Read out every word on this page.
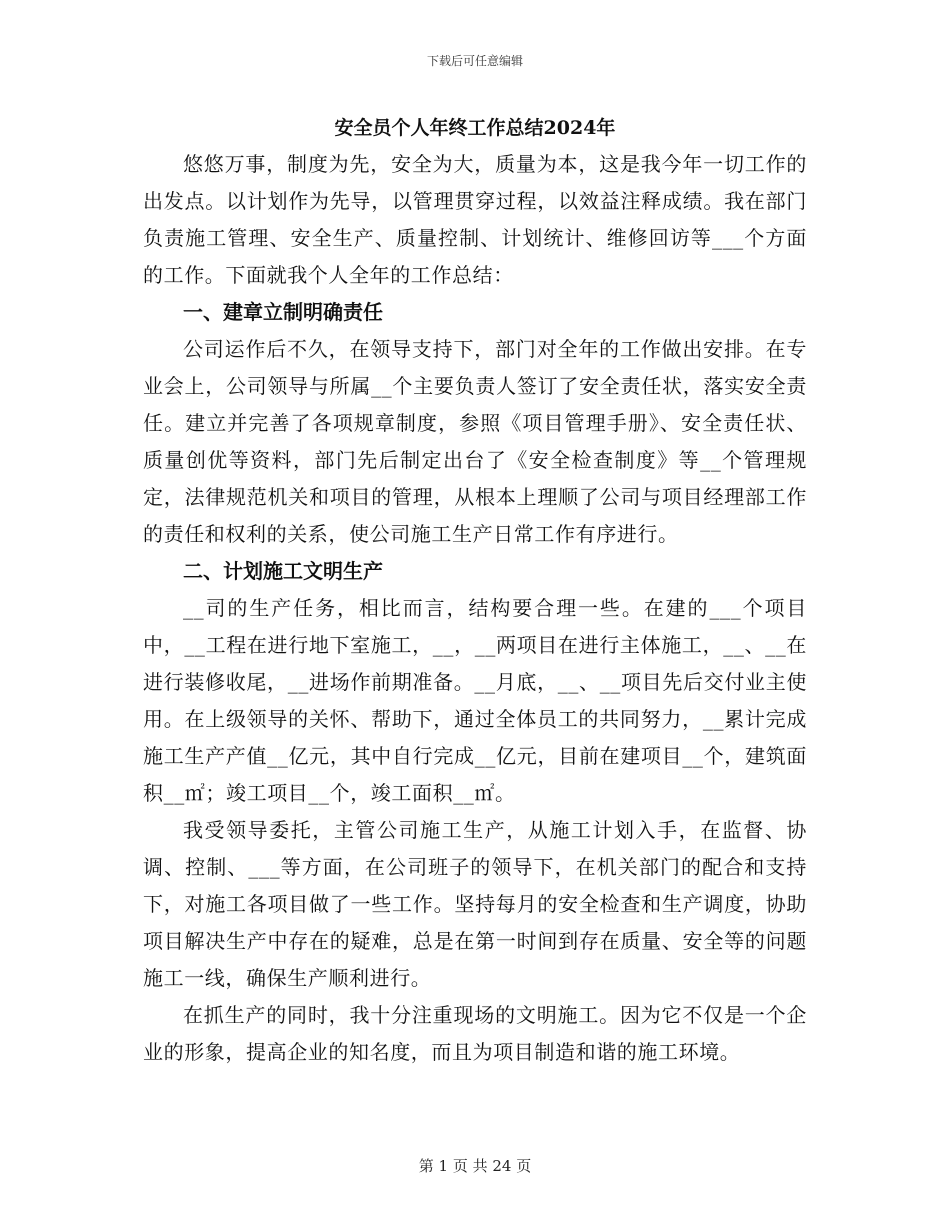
下载后可任意编辑
安全员个人年终工作总结2024年

悠悠万事，制度为先，安全为大，质量为本，这是我今年一切工作的出发点。以计划作为先导，以管理贯穿过程，以效益注释成绩。我在部门负责施工管理、安全生产、质量控制、计划统计、维修回访等___个方面的工作。下面就我个人全年的工作总结：

一、建章立制明确责任

公司运作后不久，在领导支持下，部门对全年的工作做出安排。在专业会上，公司领导与所属__个主要负责人签订了安全责任状，落实安全责任。建立并完善了各项规章制度，参照《项目管理手册》、安全责任状、质量创优等资料，部门先后制定出台了《安全检查制度》等__个管理规定，法律规范机关和项目的管理，从根本上理顺了公司与项目经理部工作的责任和权利的关系，使公司施工生产日常工作有序进行。

二、计划施工文明生产

__司的生产任务，相比而言，结构要合理一些。在建的___个项目中，__工程在进行地下室施工，__，__两项目在进行主体施工，__、__在进行装修收尾，__进场作前期准备。__月底，__、__项目先后交付业主使用。在上级领导的关怀、帮助下，通过全体员工的共同努力，__累计完成施工生产产值__亿元，其中自行完成__亿元，目前在建项目__个，建筑面积__㎡；竣工项目__个，竣工面积__㎡。

我受领导委托，主管公司施工生产，从施工计划入手，在监督、协调、控制、___等方面，在公司班子的领导下，在机关部门的配合和支持下，对施工各项目做了一些工作。坚持每月的安全检查和生产调度，协助项目解决生产中存在的疑难，总是在第一时间到存在质量、安全等的问题施工一线，确保生产顺利进行。

在抓生产的同时，我十分注重现场的文明施工。因为它不仅是一个企业的形象，提高企业的知名度，而且为项目制造和谐的施工环境。

第 1 页 共 24 页
